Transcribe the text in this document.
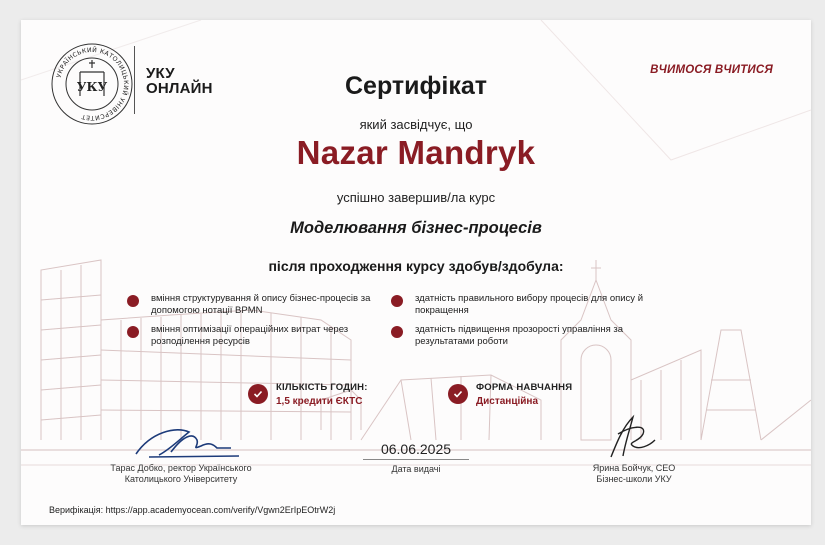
УКРАЇНСЬКИЙ КАТОЛИЦЬКИЙ УНІВЕРСИТЕТ
УКУ
УКУ
ОНЛАЙН
ВЧИМОСЯ ВЧИТИСЯ
Сертифікат
який засвідчує, що
Nazar Mandryk
успішно завершив/ла курс
Моделювання бізнес-процесів
після проходження курсу здобув/здобула:
вміння структурування й опису бізнес-процесів за допомогою нотації BPMN
вміння оптимізації операційних витрат через розподілення ресурсів
здатність правильного вибору процесів для опису й покращення
здатність підвищення прозорості управління за результатами роботи
КІЛЬКІСТЬ ГОДИН:
1,5 кредити ЄКТС
ФОРМА НАВЧАННЯ
Дистанційна
Тарас Добко, ректор Українського Католицького Університету
Ярина Бойчук, CEO Бізнес-школи УКУ
06.06.2025
Дата видачі
Верифікація: https://app.academyocean.com/verify/Vgwn2ErIpEOtrW2j
